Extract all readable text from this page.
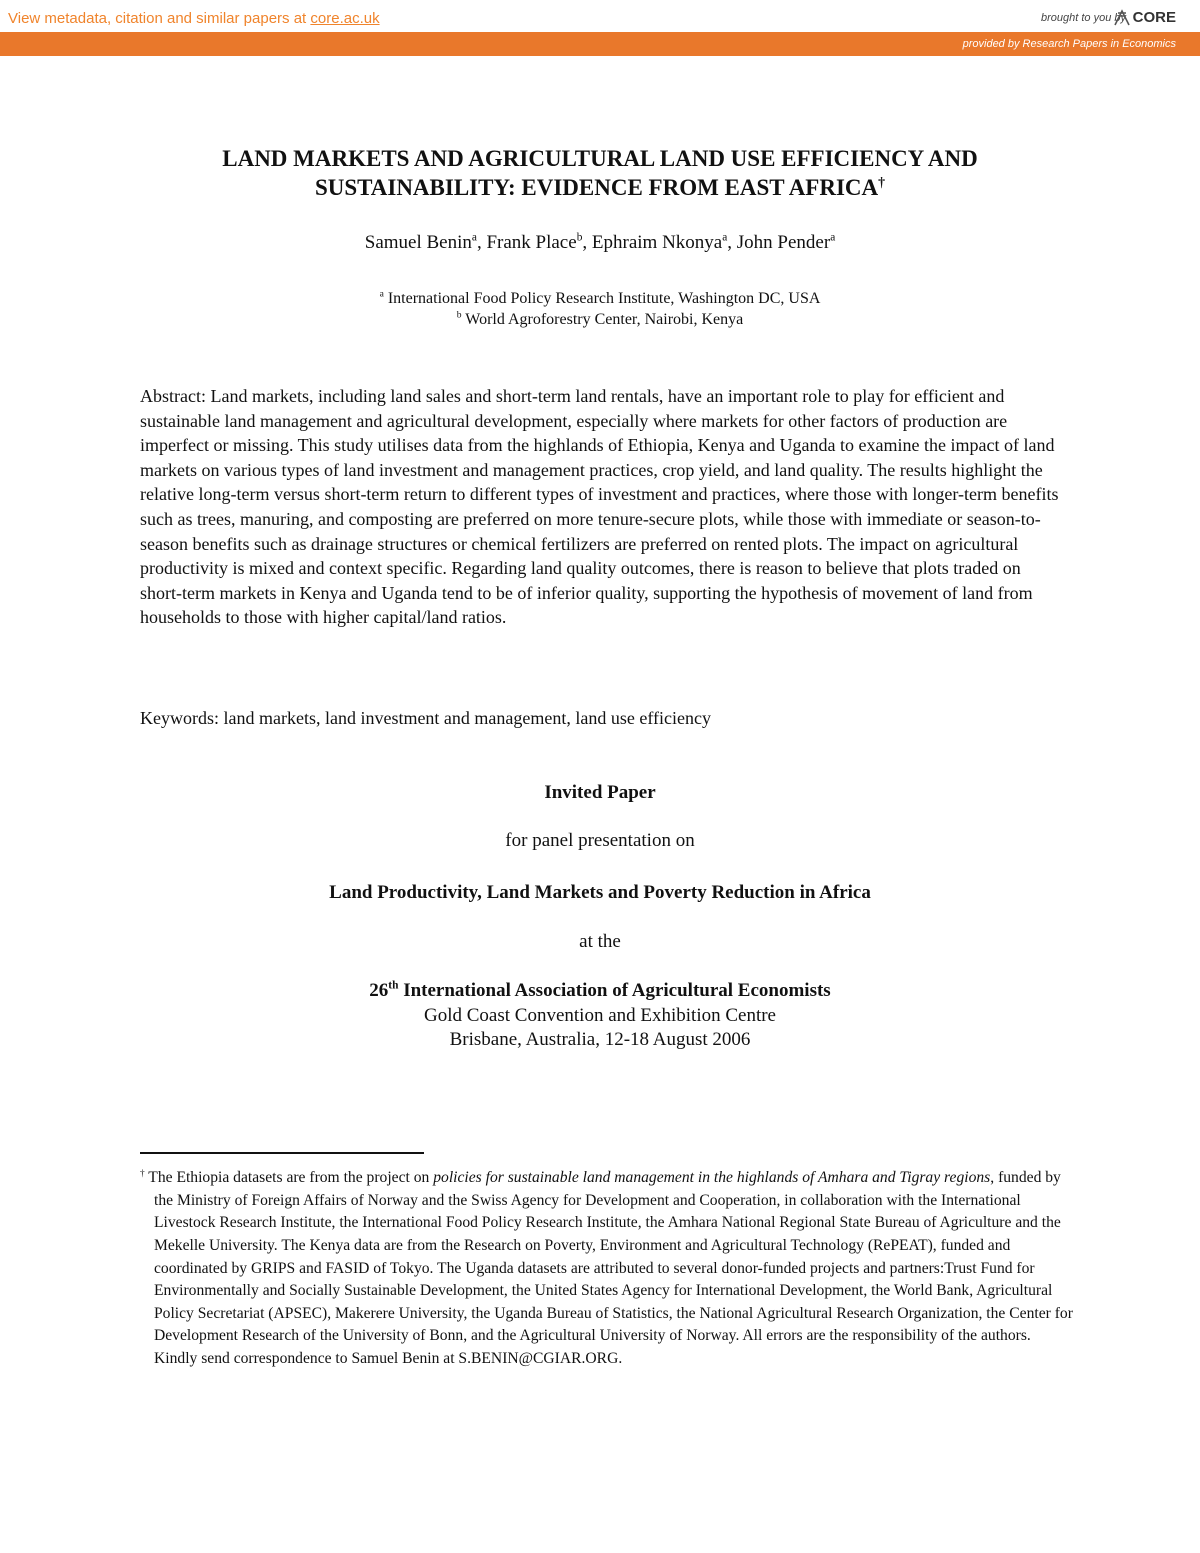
View metadata, citation and similar papers at core.ac.uk	brought to you by CORE
provided by Research Papers in Economics
LAND MARKETS AND AGRICULTURAL LAND USE EFFICIENCY AND
SUSTAINABILITY: EVIDENCE FROM EAST AFRICA†
Samuel Benin$^a$, Frank Place$^b$, Ephraim Nkonya$^a$, John Pender$^a$
$^a$ International Food Policy Research Institute, Washington DC, USA
$^b$ World Agroforestry Center, Nairobi, Kenya

Abstract: Land markets, including land sales and short-term land rentals, have an important role to play for efficient and sustainable land management and agricultural development, especially where markets for other factors of production are imperfect or missing. This study utilises data from the highlands of Ethiopia, Kenya and Uganda to examine the impact of land markets on various types of land investment and management practices, crop yield, and land quality. The results highlight the relative long-term versus short-term return to different types of investment and practices, where those with longer-term benefits such as trees, manuring, and composting are preferred on more tenure-secure plots, while those with immediate or season-to-season benefits such as drainage structures or chemical fertilizers are preferred on rented plots. The impact on agricultural productivity is mixed and context specific. Regarding land quality outcomes, there is reason to believe that plots traded on short-term markets in Kenya and Uganda tend to be of inferior quality, supporting the hypothesis of movement of land from households to those with higher capital/land ratios.

Keywords: land markets, land investment and management, land use efficiency

Invited Paper

for panel presentation on

Land Productivity, Land Markets and Poverty Reduction in Africa

at the

26th International Association of Agricultural Economists

Gold Coast Convention and Exhibition Centre

Brisbane, Australia, 12-18 August 2006

† The Ethiopia datasets are from the project on policies for sustainable land management in the highlands of Amhara and Tigray regions, funded by the Ministry of Foreign Affairs of Norway and the Swiss Agency for Development and Cooperation, in collaboration with the International Livestock Research Institute, the International Food Policy Research Institute, the Amhara National Regional State Bureau of Agriculture and the Mekelle University. The Kenya data are from the Research on Poverty, Environment and Agricultural Technology (RePEAT), funded and coordinated by GRIPS and FASID of Tokyo. The Uganda datasets are attributed to several donor-funded projects and partners:Trust Fund for Environmentally and Socially Sustainable Development, the United States Agency for International Development, the World Bank, Agricultural Policy Secretariat (APSEC), Makerere University, the Uganda Bureau of Statistics, the National Agricultural Research Organization, the Center for Development Research of the University of Bonn, and the Agricultural University of Norway. All errors are the responsibility of the authors. Kindly send correspondence to Samuel Benin at S.BENIN@CGIAR.ORG.
